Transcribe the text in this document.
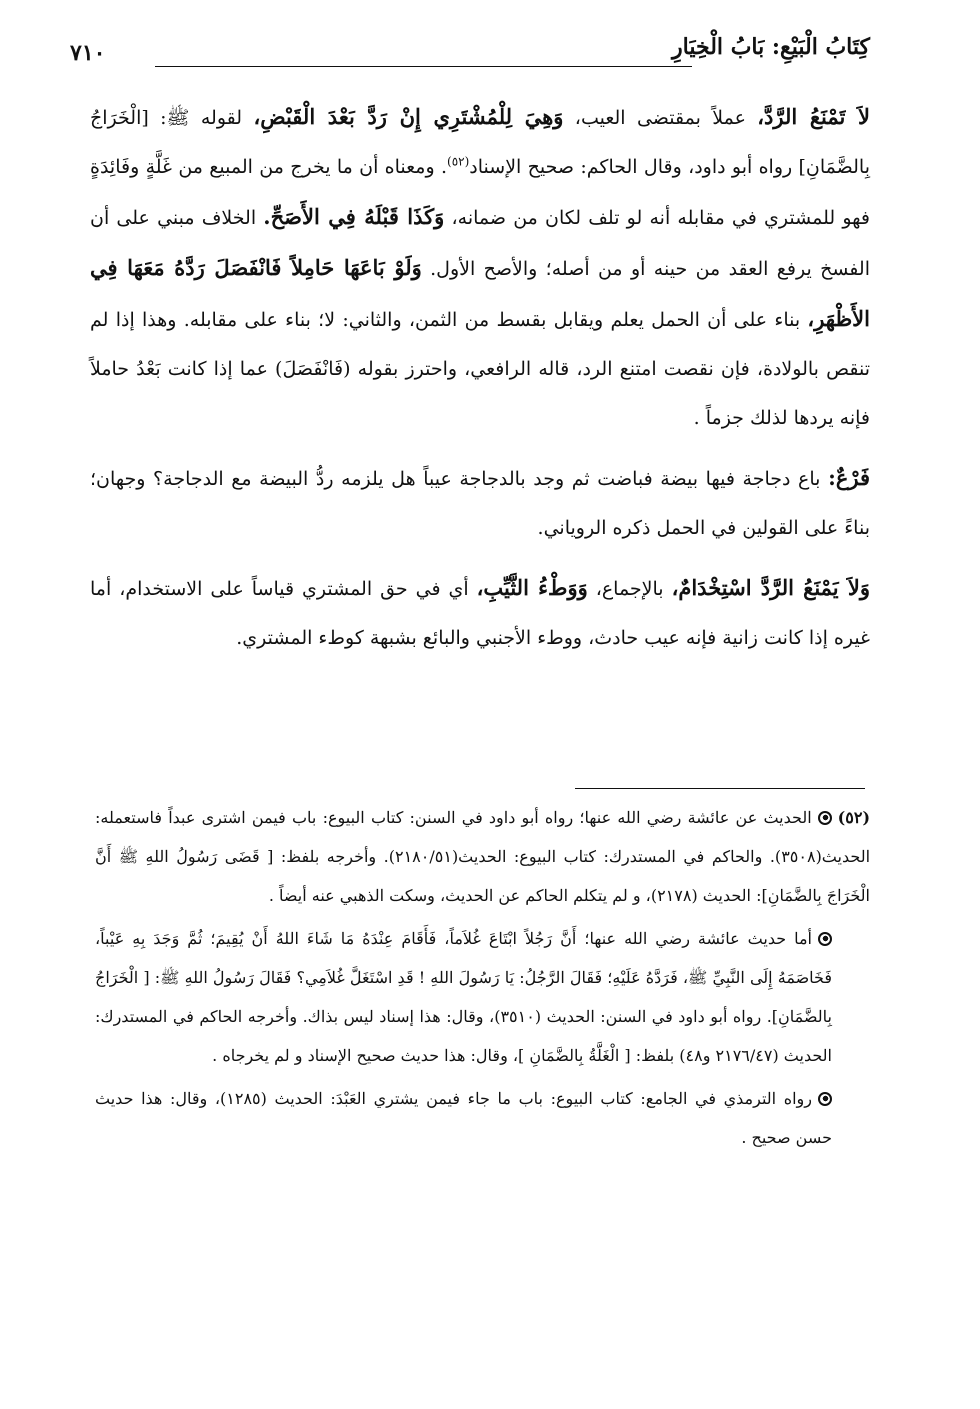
كِتَابُ الْبَيْعِ: بَابُ الْخِيَارِ
٧١٠

لاَ تَمْنَعُ الرَّدَّ، عملاً بمقتضى العيب، وَهِيَ لِلْمُشْتَرِي إِنْ رَدَّ بَعْدَ الْقَبْضِ، لقوله ﷺ: [الْخَرَاجُ بِالضَّمَانِ] رواه أبو داود، وقال الحاكم: صحيح الإسناد$^{(٥٢)}$. ومعناه أن ما يخرج من المبيع من غَلَّةٍ وفَائِدَةٍ فهو للمشتري في مقابله أنه لو تلف لكان من ضمانه، وَكَذَا قَبْلَهُ فِي الأَصَحِّ. الخلاف مبني على أن الفسخ يرفع العقد من حينه أو من أصله؛ والأصح الأول. وَلَوْ بَاعَهَا حَامِلاً فَانْفَصَلَ رَدَّهُ مَعَهَا فِي الأَظْهَرِ، بناء على أن الحمل يعلم ويقابل بقسط من الثمن، والثاني: لا؛ بناء على مقابله. وهذا إذا لم تنقص بالولادة، فإن نقصت امتنع الرد، قاله الرافعي، واحترز بقوله (فَانْفَصَلَ) عما إذا كانت بَعْدُ حاملاً فإنه يردها لذلك جزماً .

فَرْعٌ: باع دجاجة فيها بيضة فباضت ثم وجد بالدجاجة عيباً هل يلزمه ردُّ البيضة مع الدجاجة؟ وجهان؛ بناءً على القولين في الحمل ذكره الروياني.

وَلاَ يَمْنَعُ الرَّدَّ اسْتِخْدَامٌ، بالإجماع، وَوَطْءُ الثَّيِّبِ، أي في حق المشتري قياساً على الاستخدام، أما غيره إذا كانت زانية فإنه عيب حادث، ووطء الأجنبي والبائع بشبهة كوطء المشتري.

(٥٢)الحديث عن عائشة رضي الله عنها؛ رواه أبو داود في السنن: كتاب البيوع: باب فيمن اشترى عبداً فاستعمله: الحديث(٣٥٠٨). والحاكم في المستدرك: كتاب البيوع: الحديث(٢١٨٠/٥١). وأخرجه بلفظ: [ قَضَى رَسُولُ اللهِ ﷺ أَنَّ الْخَرَاجَ بِالضَّمَانِ]: الحديث (٢١٧٨)، و لم يتكلم الحاكم عن الحديث، وسكت الذهبي عنه أيضاً .
أما حديث عائشة رضي الله عنها؛ أَنَّ رَجُلاً ابْتَاعَ غُلاَماً، فَأَقَامَ عِنْدَهُ مَا شَاءَ اللهُ أَنْ يُقِيمَ؛ ثُمَّ وَجَدَ بِهِ عَيْباً، فَخَاصَمَهُ إِلَى النَّبِيِّ ﷺ، فَرَدَّهُ عَلَيْهِ؛ فَقَالَ الرَّجُلُ: يَا رَسُولَ اللهِ ! قَدِ اسْتَغَلَّ غُلاَمِي؟ فَقَالَ رَسُولُ اللهِ ﷺ: [ الْخَرَاجُ بِالضَّمَانِ]. رواه أبو داود في السنن: الحديث (٣٥١٠)، وقال: هذا إسناد ليس بذاك. وأخرجه الحاكم في المستدرك: الحديث (٢١٧٦/٤٧ و٤٨) بلفظ: [ الْغَلَّةُ بِالضَّمَانِ ]، وقال: هذا حديث صحيح الإسناد و لم يخرجاه .
رواه الترمذي في الجامع: كتاب البيوع: باب ما جاء فيمن يشتري العَبْدَ: الحديث (١٢٨٥)، وقال: هذا حديث حسن صحيح .
